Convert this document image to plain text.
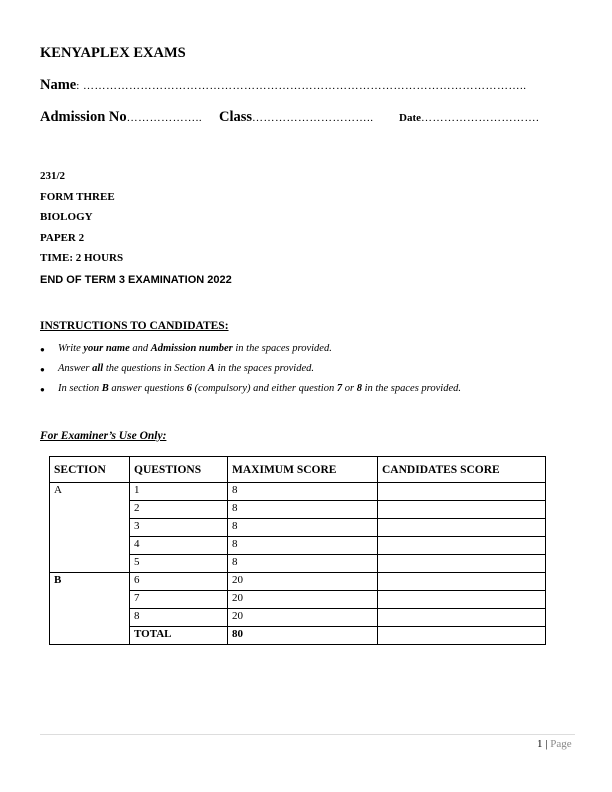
KENYAPLEX EXAMS
Name: ……………………………………………………………………………………………………..
Admission No……………….. Class………………………….. Date………………………….
231/2
FORM THREE
BIOLOGY
PAPER 2
TIME: 2 HOURS
END OF TERM 3 EXAMINATION 2022
INSTRUCTIONS TO CANDIDATES:
● Write your name and Admission number in the spaces provided.
● Answer all the questions in Section A in the spaces provided.
● In section B answer questions 6 (compulsory) and either question 7 or 8 in the spaces provided.
For Examiner’s Use Only:
SECTION	QUESTIONS	MAXIMUM SCORE	CANDIDATES SCORE
A	1	8	
	2	8	
	3	8	
	4	8	
	5	8	
B	6	20	
	7	20	
	8	20	
	TOTAL	80	
1 | Page
